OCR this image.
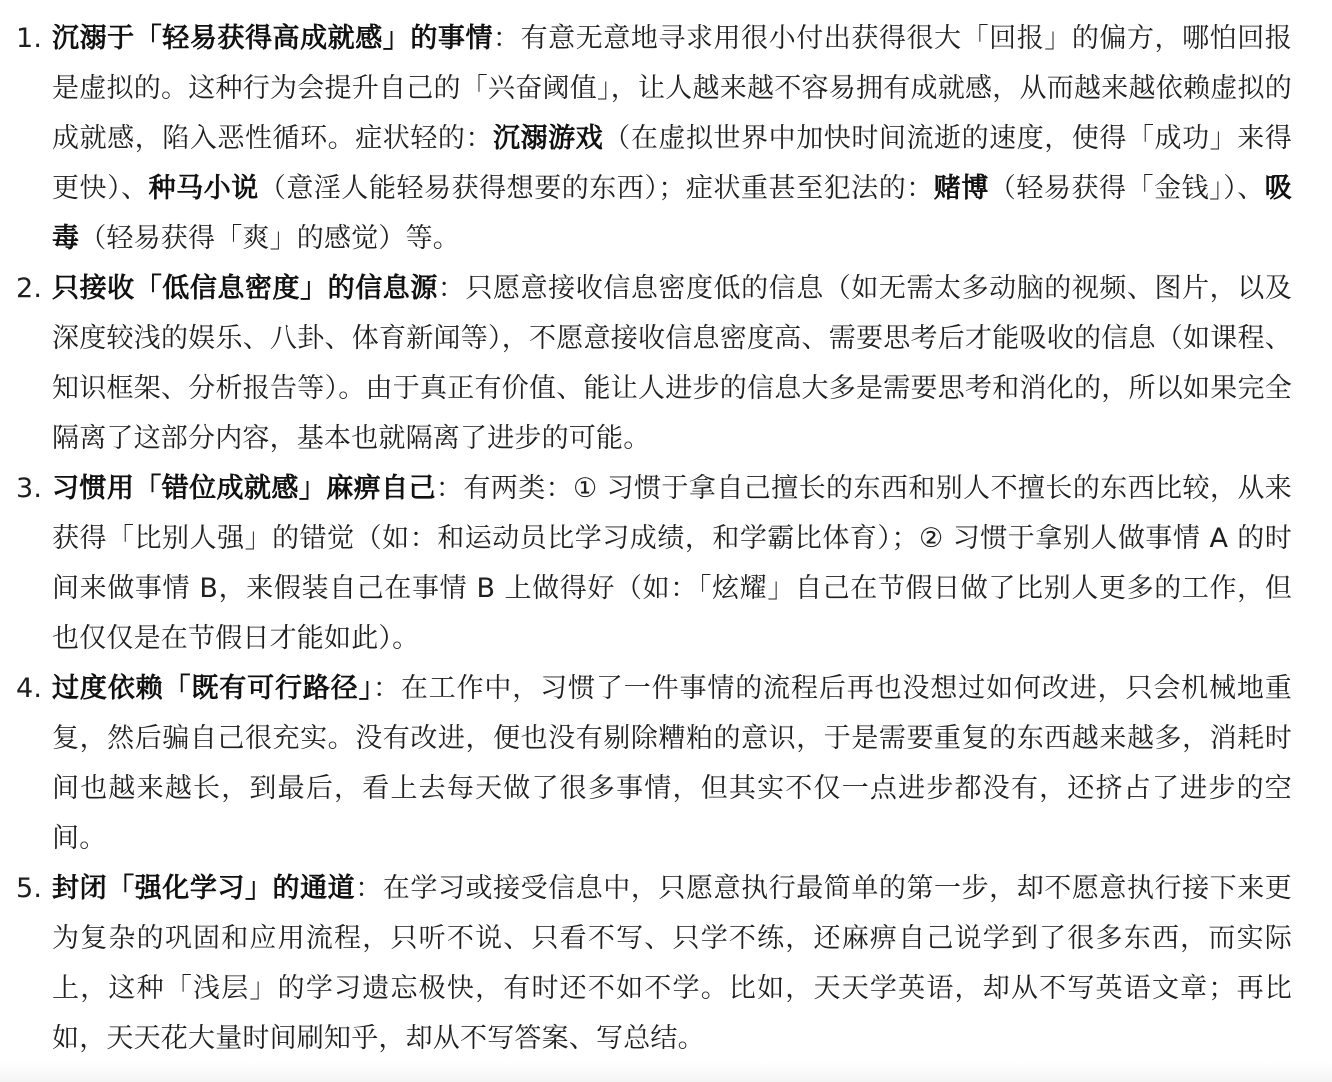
1. 沉溺于「轻易获得高成就感」的事情：有意无意地寻求用很小付出获得很大「回报」的偏方，哪怕回报是虚拟的。这种行为会提升自己的「兴奋阈值」，让人越来越不容易拥有成就感，从而越来越依赖虚拟的成就感，陷入恶性循环。症状轻的：沉溺游戏（在虚拟世界中加快时间流逝的速度，使得「成功」来得更快）、种马小说（意淫人能轻易获得想要的东西）；症状重甚至犯法的：赌博（轻易获得「金钱」）、吸毒（轻易获得「爽」的感觉）等。
2. 只接收「低信息密度」的信息源：只愿意接收信息密度低的信息（如无需太多动脑的视频、图片，以及深度较浅的娱乐、八卦、体育新闻等），不愿意接收信息密度高、需要思考后才能吸收的信息（如课程、知识框架、分析报告等）。由于真正有价值、能让人进步的信息大多是需要思考和消化的，所以如果完全隔离了这部分内容，基本也就隔离了进步的可能。
3. 习惯用「错位成就感」麻痹自己：有两类：① 习惯于拿自己擅长的东西和别人不擅长的东西比较，从来获得「比别人强」的错觉（如：和运动员比学习成绩，和学霸比体育）；② 习惯于拿别人做事情 A 的时间来做事情 B，来假装自己在事情 B 上做得好（如：「炫耀」自己在节假日做了比别人更多的工作，但也仅仅是在节假日才能如此）。
4. 过度依赖「既有可行路径」：在工作中，习惯了一件事情的流程后再也没想过如何改进，只会机械地重复，然后骗自己很充实。没有改进，便也没有剔除糟粕的意识，于是需要重复的东西越来越多，消耗时间也越来越长，到最后，看上去每天做了很多事情，但其实不仅一点进步都没有，还挤占了进步的空间。
5. 封闭「强化学习」的通道：在学习或接受信息中，只愿意执行最简单的第一步，却不愿意执行接下来更为复杂的巩固和应用流程，只听不说、只看不写、只学不练，还麻痹自己说学到了很多东西，而实际上，这种「浅层」的学习遗忘极快，有时还不如不学。比如，天天学英语，却从不写英语文章；再比如，天天花大量时间刷知乎，却从不写答案、写总结。
